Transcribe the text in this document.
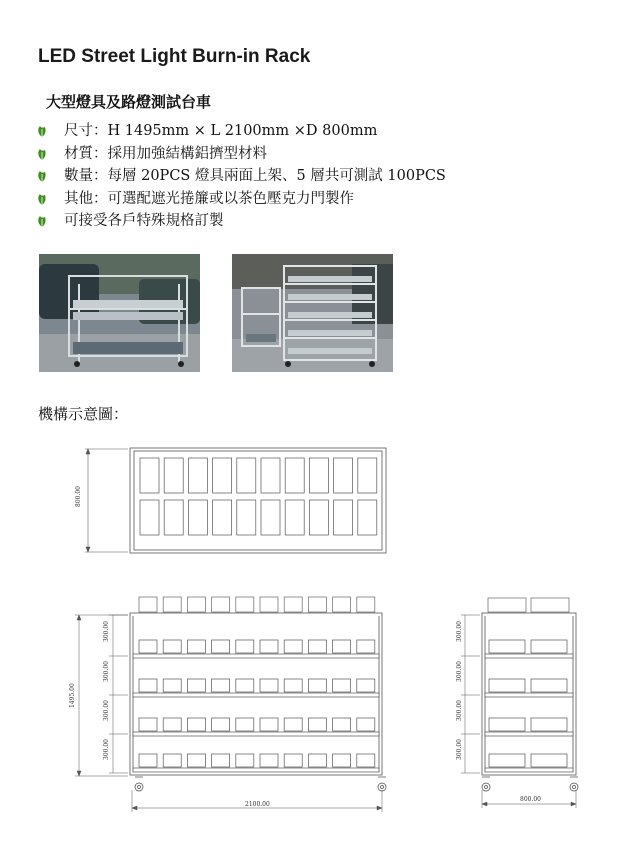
LED Street Light Burn-in Rack
大型燈具及路燈測試台車
尺寸：H 1495mm × L 2100mm ×D 800mm
材質：採用加強結構鋁擠型材料
數量：每層 20PCS 燈具兩面上架、5 層共可測試 100PCS
其他：可選配遮光捲簾或以茶色壓克力門製作
可接受各戶特殊規格訂製
機構示意圖：
800.00
300.00
300.00
300.00
300.00
1495.00
2100.00
300.00
300.00
300.00
300.00
800.00
